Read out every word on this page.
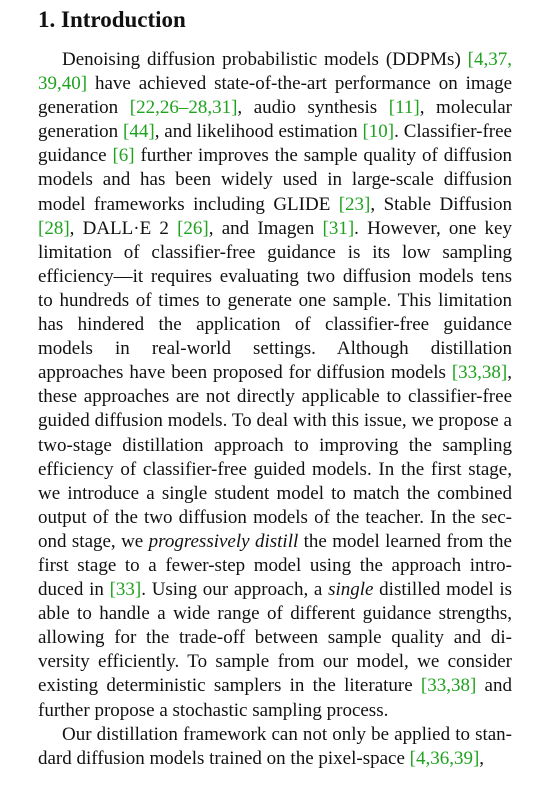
1. Introduction

Denoising diffusion probabilistic models (DDPMs) [4,37, 39,40] have achieved state-of-the-art performance on image generation [22,26–28,31], audio synthesis [11], molecular generation [44], and likelihood estimation [10]. Classifier-free guidance [6] further improves the sample quality of diffusion models and has been widely used in large-scale diffusion model frameworks including GLIDE [23], Stable Diffusion [28], DALL·E 2 [26], and Imagen [31]. However, one key limitation of classifier-free guidance is its low sampling efficiency—it requires evaluating two diffusion models tens to hundreds of times to generate one sample. This limitation has hindered the application of classifier-free guidance models in real-world settings. Although distillation approaches have been proposed for diffusion models [33,38], these approaches are not directly applicable to classifier-free guided diffusion models. To deal with this issue, we propose a two-stage distillation approach to improving the sampling efficiency of classifier-free guided models. In the first stage, we introduce a single student model to match the combined output of the two diffusion models of the teacher. In the second stage, we progressively distill the model learned from the first stage to a fewer-step model using the approach introduced in [33]. Using our approach, a single distilled model is able to handle a wide range of different guidance strengths, allowing for the trade-off between sample quality and diversity efficiently. To sample from our model, we consider existing deterministic samplers in the literature [33,38] and further propose a stochastic sampling process.

Our distillation framework can not only be applied to standard diffusion models trained on the pixel-space [4,36,39],
